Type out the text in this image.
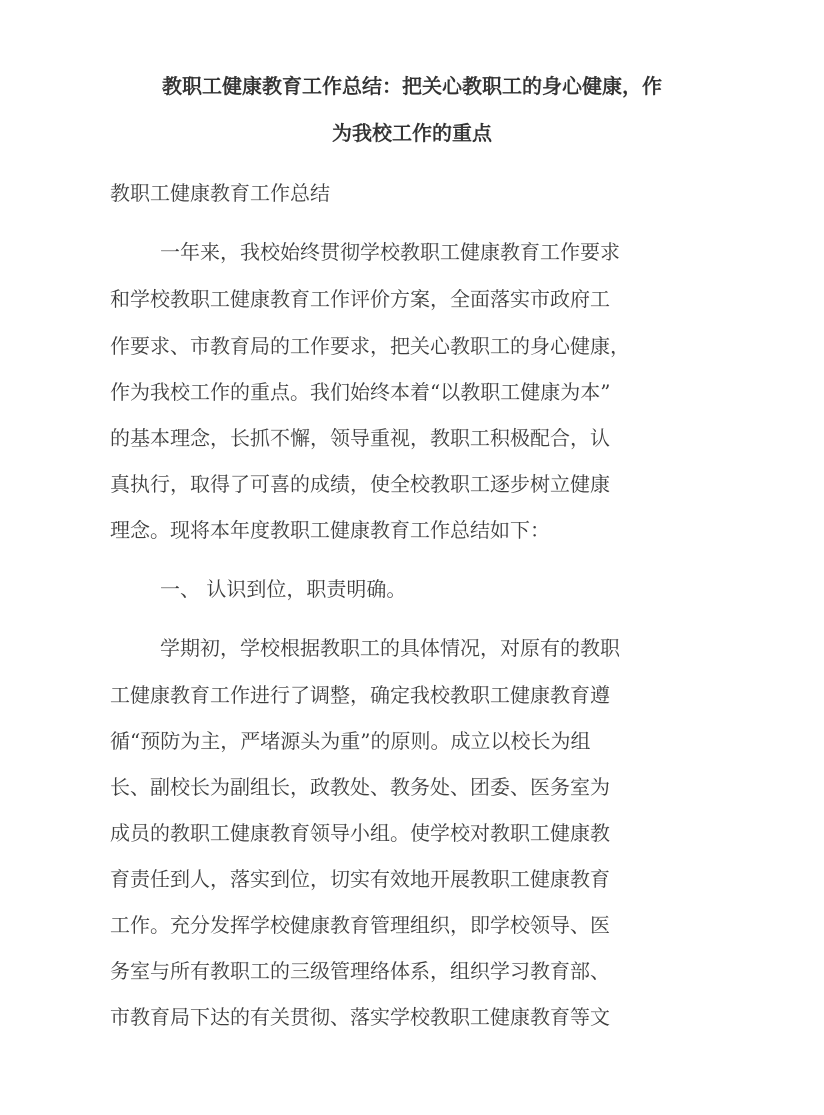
教职工健康教育工作总结：把关心教职工的身心健康，作
为我校工作的重点
教职工健康教育工作总结
一年来，我校始终贯彻学校教职工健康教育工作要求
和学校教职工健康教育工作评价方案，全面落实市政府工
作要求、市教育局的工作要求，把关心教职工的身心健康，
作为我校工作的重点。我们始终本着“以教职工健康为本”
的基本理念，长抓不懈，领导重视，教职工积极配合，认
真执行，取得了可喜的成绩，使全校教职工逐步树立健康
理念。现将本年度教职工健康教育工作总结如下：
一、 认识到位，职责明确。
学期初，学校根据教职工的具体情况，对原有的教职
工健康教育工作进行了调整，确定我校教职工健康教育遵
循“预防为主，严堵源头为重”的原则。成立以校长为组
长、副校长为副组长，政教处、教务处、团委、医务室为
成员的教职工健康教育领导小组。使学校对教职工健康教
育责任到人，落实到位，切实有效地开展教职工健康教育
工作。充分发挥学校健康教育管理组织，即学校领导、医
务室与所有教职工的三级管理络体系，组织学习教育部、
市教育局下达的有关贯彻、落实学校教职工健康教育等文
